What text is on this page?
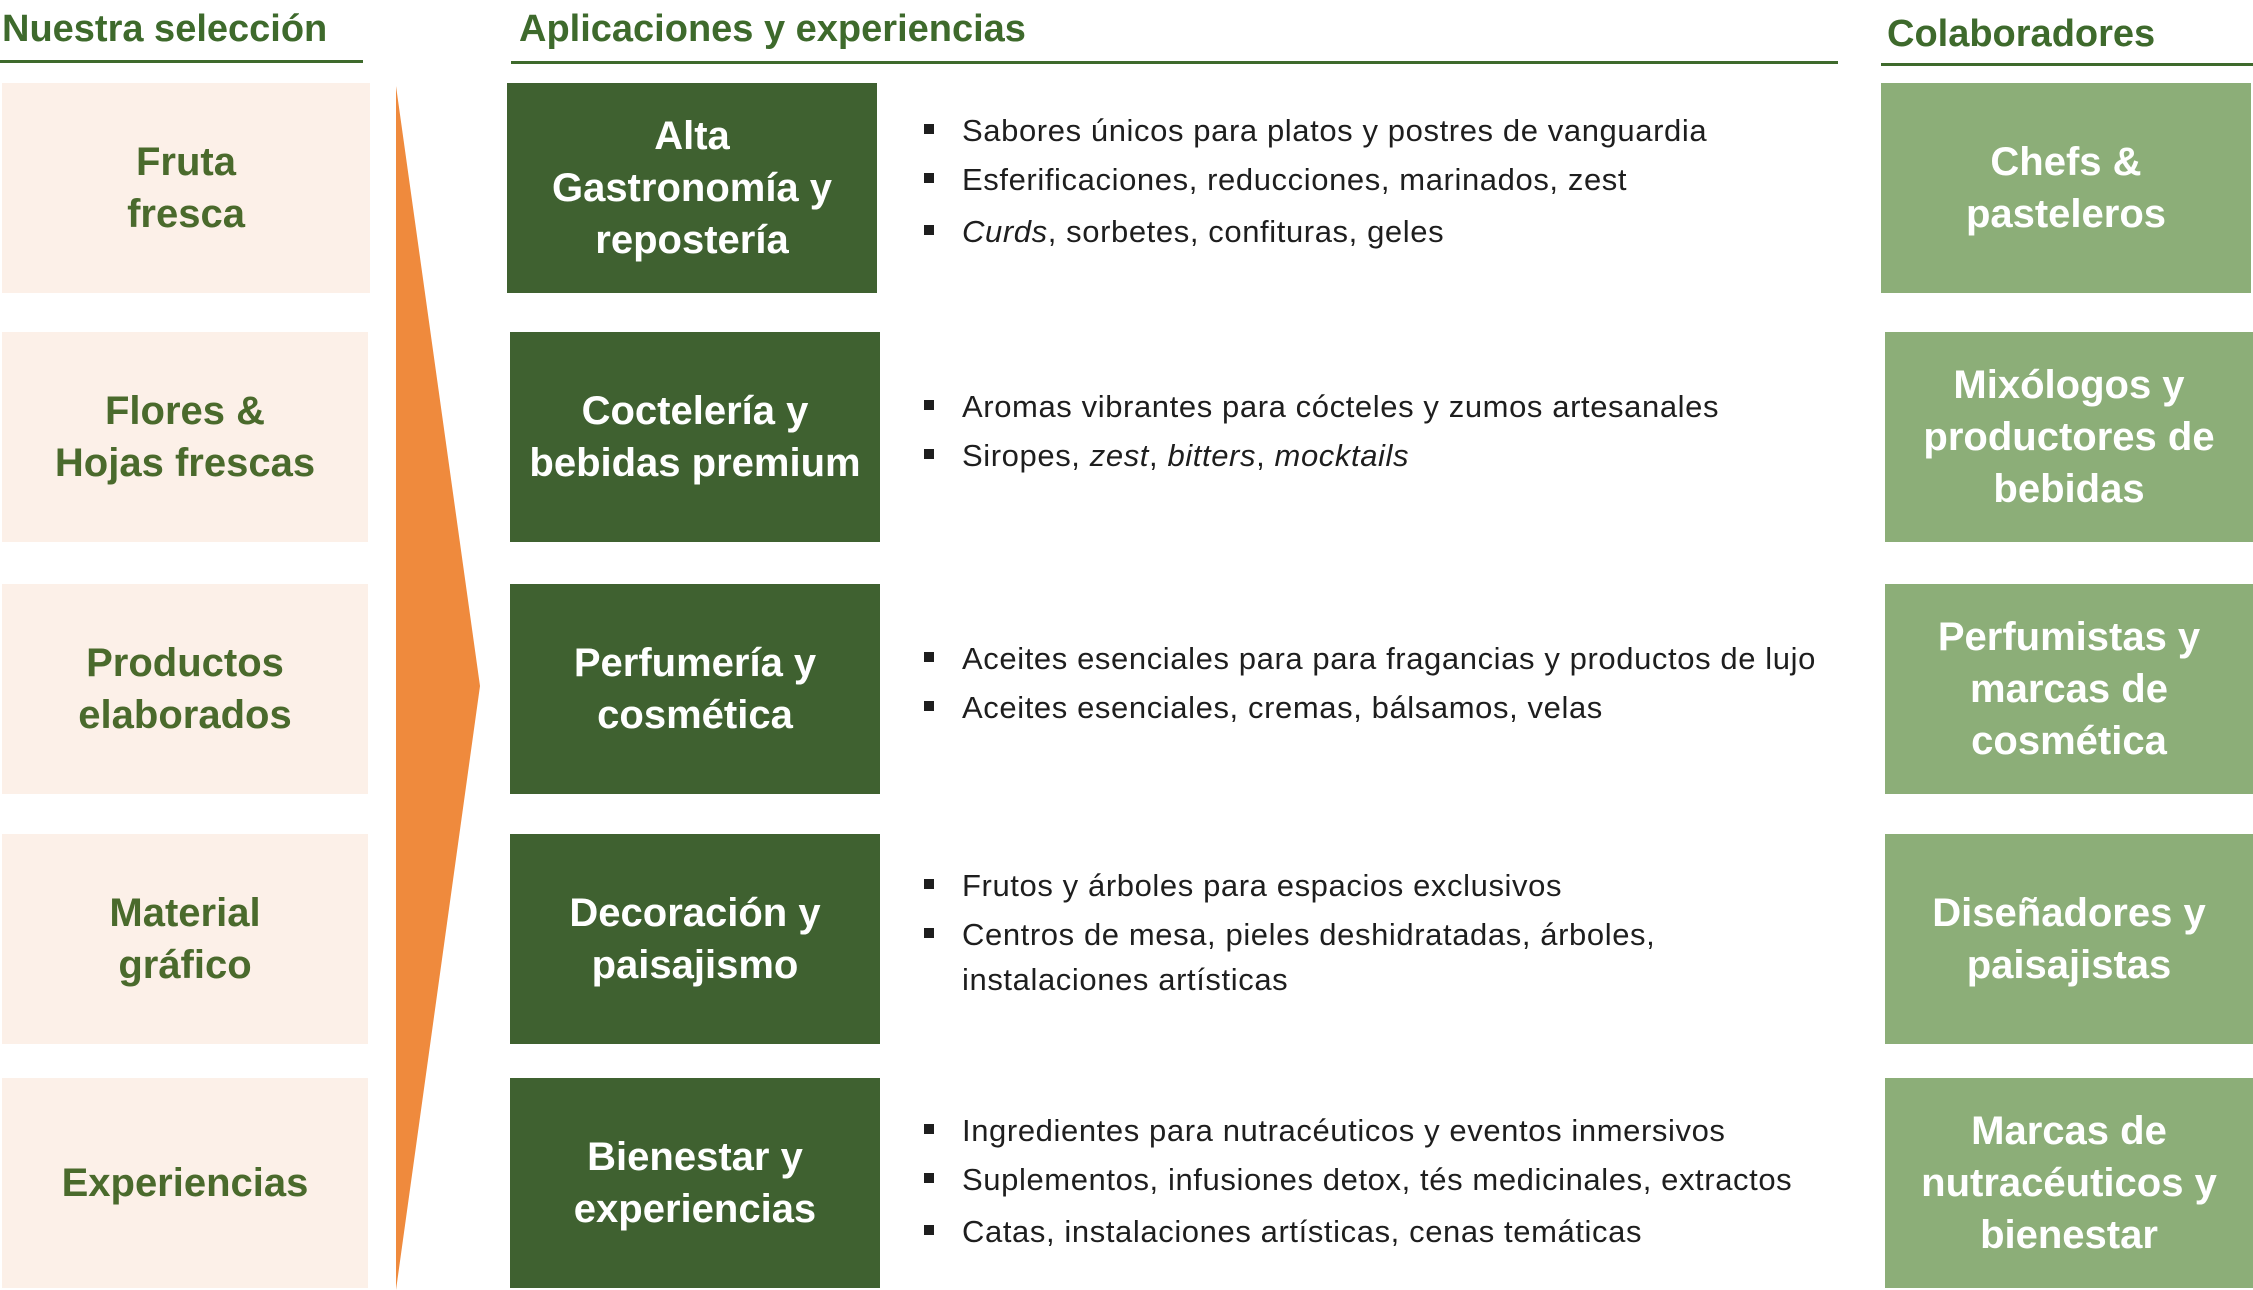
Nuestra selección	Aplicaciones y experiencias	Colaboradores
Fruta
fresca
Alta
Gastronomía y
repostería
Sabores únicos para platos y postres de vanguardia
Esferificaciones, reducciones, marinados, zest
Curds, sorbetes, confituras, geles
Chefs &
pasteleros
Flores &
Hojas frescas
Coctelería y
bebidas premium
Aromas vibrantes para cócteles y zumos artesanales
Siropes, zest, bitters, mocktails
Mixólogos y
productores de
bebidas
Productos
elaborados
Perfumería y
cosmética
Aceites esenciales para para fragancias y productos de lujo
Aceites esenciales, cremas, bálsamos, velas
Perfumistas y
marcas de
cosmética
Material
gráfico
Decoración y
paisajismo
Frutos y árboles para espacios exclusivos
Centros de mesa, pieles deshidratadas, árboles, instalaciones artísticas
Diseñadores y
paisajistas
Experiencias
Bienestar y
experiencias
Ingredientes para nutracéuticos y eventos inmersivos
Suplementos, infusiones detox, tés medicinales, extractos
Catas, instalaciones artísticas, cenas temáticas
Marcas de
nutracéuticos y
bienestar
